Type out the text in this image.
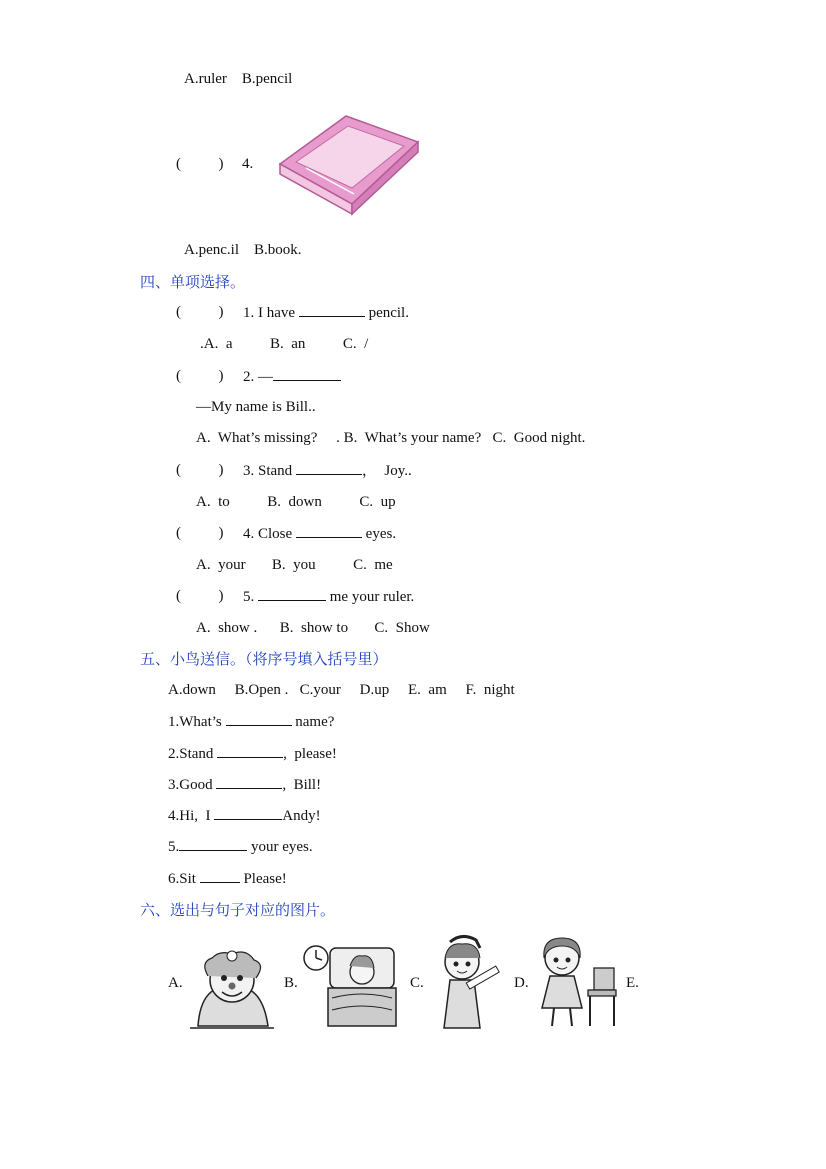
A.ruler    B.pencil
(          ) 4.
A.penc.il    B.book.
四、单项选择。
(          ) 1. I have	pencil.
.A.  a          B.  an          C.  /
(          ) 2. —
—My name is Bill..
A.  What’s missing?     . B.  What’s your name?   C.  Good night.
(          ) 3. Stand	，  Joy..
A.  to          B.  down          C.  up
(          ) 4. Close	eyes.
A.  your       B.  you          C.  me
(          ) 5.	me your ruler.
A.  show .      B.  show to       C.  Show
五、小鸟送信。（将序号填入括号里）
A.down     B.Open .   C.your     D.up     E.  am     F.  night
1.What’s	name?
2.Stand	,  please!
3.Good	,  Bill!
4.Hi,  I	Andy!
5.	your eyes.
6.Sit	Please!
六、选出与句子对应的图片。
A.	B.	C.	D.	E.
